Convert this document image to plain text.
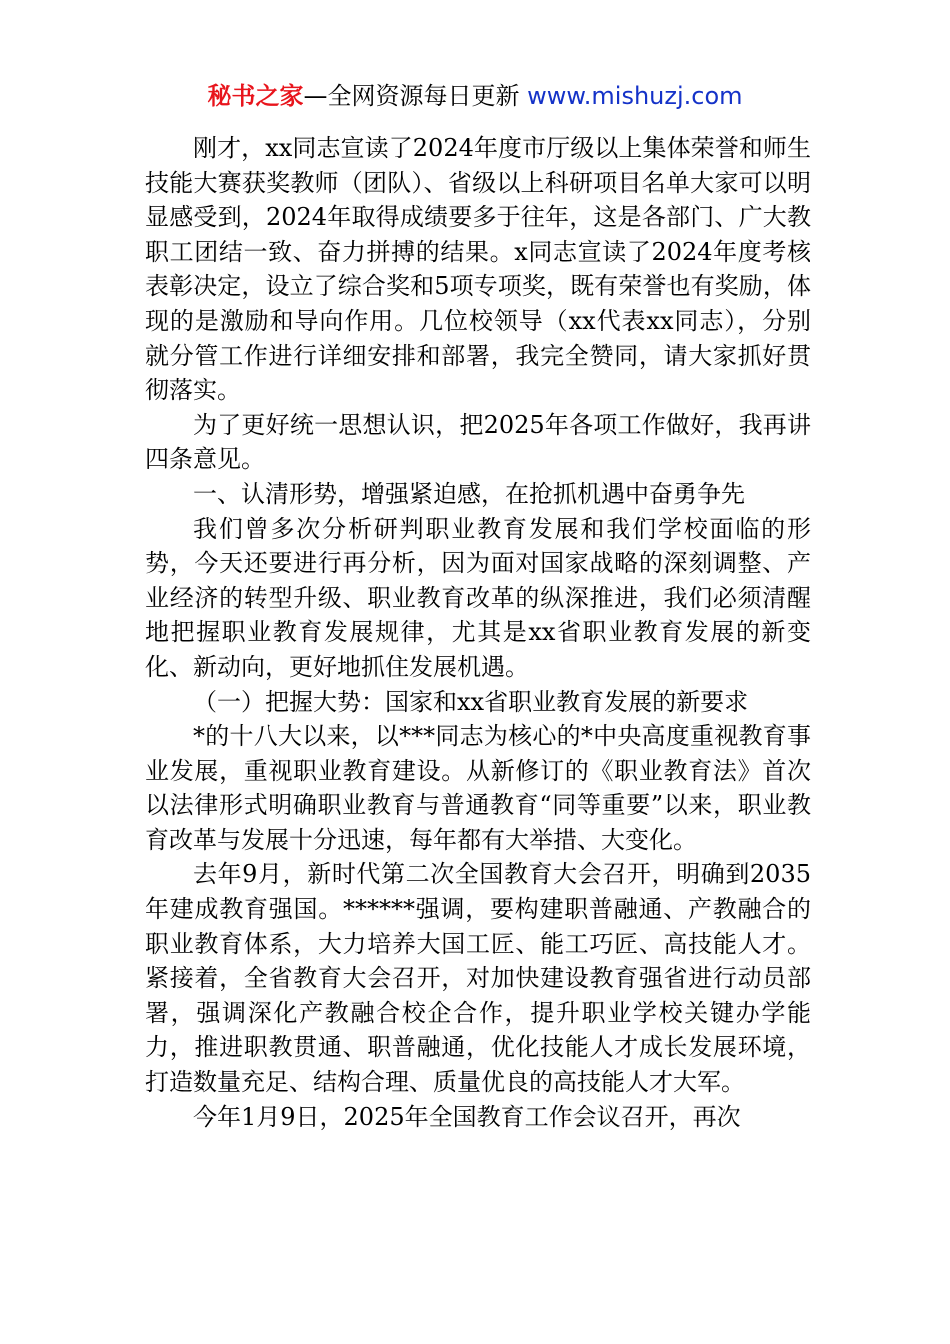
秘书之家—全网资源每日更新 www.mishuzj.com

刚才，xx同志宣读了2024年度市厅级以上集体荣誉和师生技能大赛获奖教师（团队）、省级以上科研项目名单大家可以明显感受到，2024年取得成绩要多于往年，这是各部门、广大教职工团结一致、奋力拼搏的结果。x同志宣读了2024年度考核表彰决定，设立了综合奖和5项专项奖，既有荣誉也有奖励，体现的是激励和导向作用。几位校领导（xx代表xx同志），分别就分管工作进行详细安排和部署，我完全赞同，请大家抓好贯彻落实。

为了更好统一思想认识，把2025年各项工作做好，我再讲四条意见。

一、认清形势，增强紧迫感，在抢抓机遇中奋勇争先

我们曾多次分析研判职业教育发展和我们学校面临的形势，今天还要进行再分析，因为面对国家战略的深刻调整、产业经济的转型升级、职业教育改革的纵深推进，我们必须清醒地把握职业教育发展规律，尤其是xx省职业教育发展的新变化、新动向，更好地抓住发展机遇。

（一）把握大势：国家和xx省职业教育发展的新要求

*的十八大以来，以***同志为核心的*中央高度重视教育事业发展，重视职业教育建设。从新修订的《职业教育法》首次以法律形式明确职业教育与普通教育“同等重要”以来，职业教育改革与发展十分迅速，每年都有大举措、大变化。

去年9月，新时代第二次全国教育大会召开，明确到2035年建成教育强国。******强调，要构建职普融通、产教融合的职业教育体系，大力培养大国工匠、能工巧匠、高技能人才。紧接着，全省教育大会召开，对加快建设教育强省进行动员部署，强调深化产教融合校企合作，提升职业学校关键办学能力，推进职教贯通、职普融通，优化技能人才成长发展环境，打造数量充足、结构合理、质量优良的高技能人才大军。

今年1月9日，2025年全国教育工作会议召开，再次
